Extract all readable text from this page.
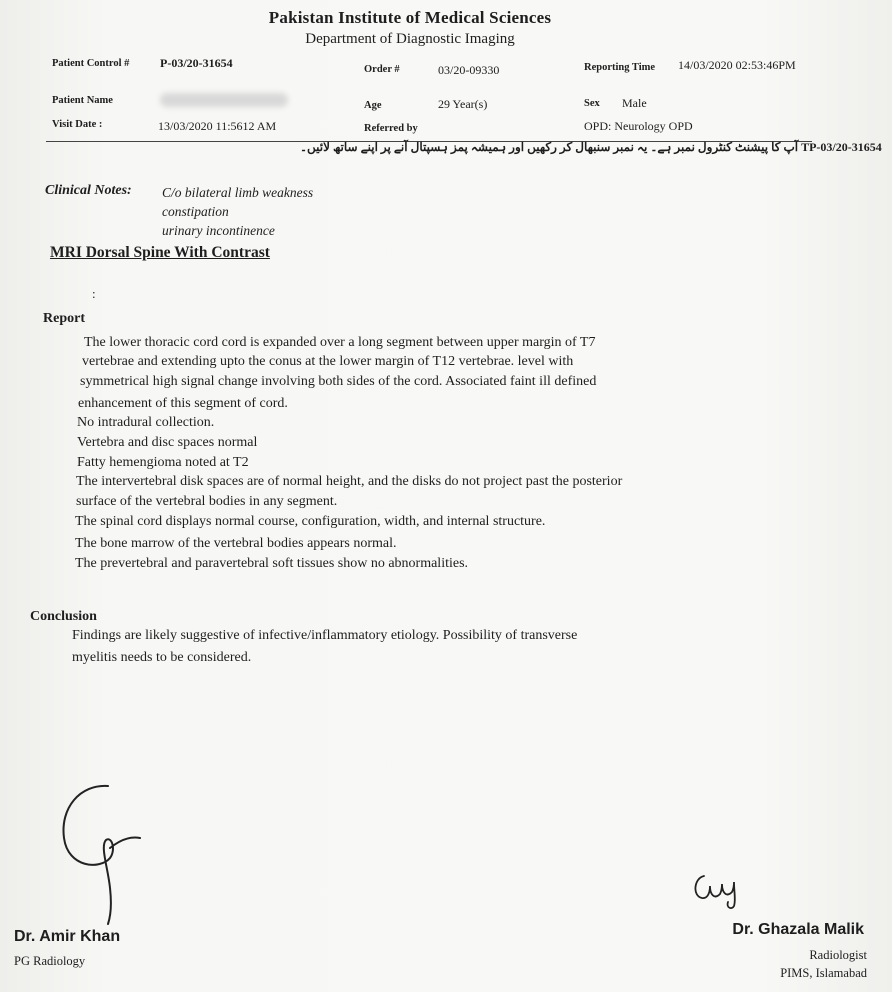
Pakistan Institute of Medical Sciences
Department of Diagnostic Imaging
Patient Control #	P-03/20-31654	Order #	03/20-09330	Reporting Time 14/03/2020 02:53:46PM
Patient Name	Age	29 Year(s)	Sex Male
Visit Date :	13/03/2020 11:5612 AM	Referred by	OPD: Neurology OPD
TP-03/20-31654 آپ کا پیشنٹ کنٹرول نمبر ہے۔ یہ نمبر سنبھال کر رکھیں اور ہمیشہ پمز ہسپتال آنے پر اپنے ساتھ لائیں۔
Clinical Notes: C/o bilateral limb weakness
constipation
urinary incontinence
MRI Dorsal Spine With Contrast
:
Report
The lower thoracic cord cord is expanded over a long segment between upper margin of T7
vertebrae and extending upto the conus at the lower margin of T12 vertebrae. level with
symmetrical high signal change involving both sides of the cord. Associated faint ill defined
enhancement of this segment of cord.
No intradural collection.
Vertebra and disc spaces normal
Fatty hemengioma noted at T2
The intervertebral disk spaces are of normal height, and the disks do not project past the posterior
surface of the vertebral bodies in any segment.
The spinal cord displays normal course, configuration, width, and internal structure.
The bone marrow of the vertebral bodies appears normal.
The prevertebral and paravertebral soft tissues show no abnormalities.
Conclusion
Findings are likely suggestive of infective/inflammatory etiology. Possibility of transverse
myelitis needs to be considered.
Dr. Amir Khan
PG Radiology
Dr. Ghazala Malik
Radiologist
PIMS, Islamabad
